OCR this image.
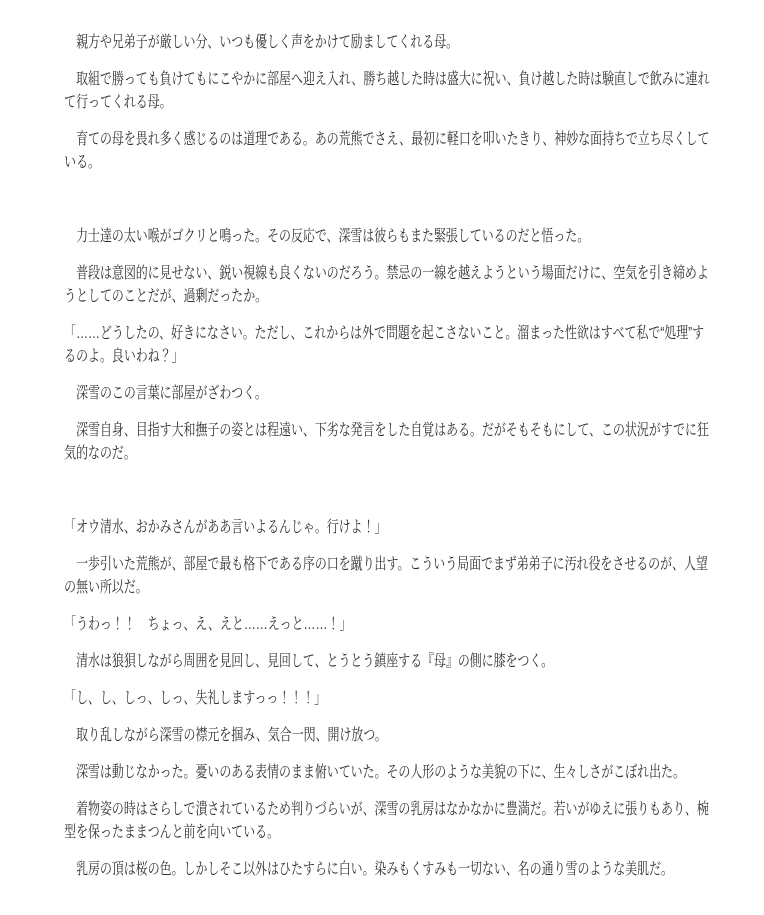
親方や兄弟子が厳しい分、いつも優しく声をかけて励ましてくれる母。

取組で勝っても負けてもにこやかに部屋へ迎え入れ、勝ち越した時は盛大に祝い、負け越した時は験直しで飲みに連れて行ってくれる母。

育ての母を畏れ多く感じるのは道理である。あの荒熊でさえ、最初に軽口を叩いたきり、神妙な面持ちで立ち尽くしている。

力士達の太い喉がゴクリと鳴った。その反応で、深雪は彼らもまた緊張しているのだと悟った。

普段は意図的に見せない、鋭い視線も良くないのだろう。禁忌の一線を越えようという場面だけに、空気を引き締めようとしてのことだが、過剰だったか。

「……どうしたの、好きになさい。ただし、これからは外で問題を起こさないこと。溜まった性欲はすべて私で“処理”するのよ。良いわね？」

深雪のこの言葉に部屋がざわつく。

深雪自身、目指す大和撫子の姿とは程遠い、下劣な発言をした自覚はある。だがそもそもにして、この状況がすでに狂気的なのだ。

「オウ清水、おかみさんがああ言いよるんじゃ。行けよ！」

一歩引いた荒熊が、部屋で最も格下である序の口を蹴り出す。こういう局面でまず弟弟子に汚れ役をさせるのが、人望の無い所以だ。

「うわっ！！　ちょっ、え、えと……えっと……！」

清水は狼狽しながら周囲を見回し、見回して、とうとう鎮座する『母』の側に膝をつく。

「し、し、しっ、しっ、失礼しますっっ！！！」

取り乱しながら深雪の襟元を掴み、気合一閃、開け放つ。

深雪は動じなかった。憂いのある表情のまま俯いていた。その人形のような美貌の下に、生々しさがこぼれ出た。

着物姿の時はさらしで潰されているため判りづらいが、深雪の乳房はなかなかに豊満だ。若いがゆえに張りもあり、椀型を保ったままつんと前を向いている。

乳房の頂は桜の色。しかしそこ以外はひたすらに白い。染みもくすみも一切ない、名の通り雪のような美肌だ。
